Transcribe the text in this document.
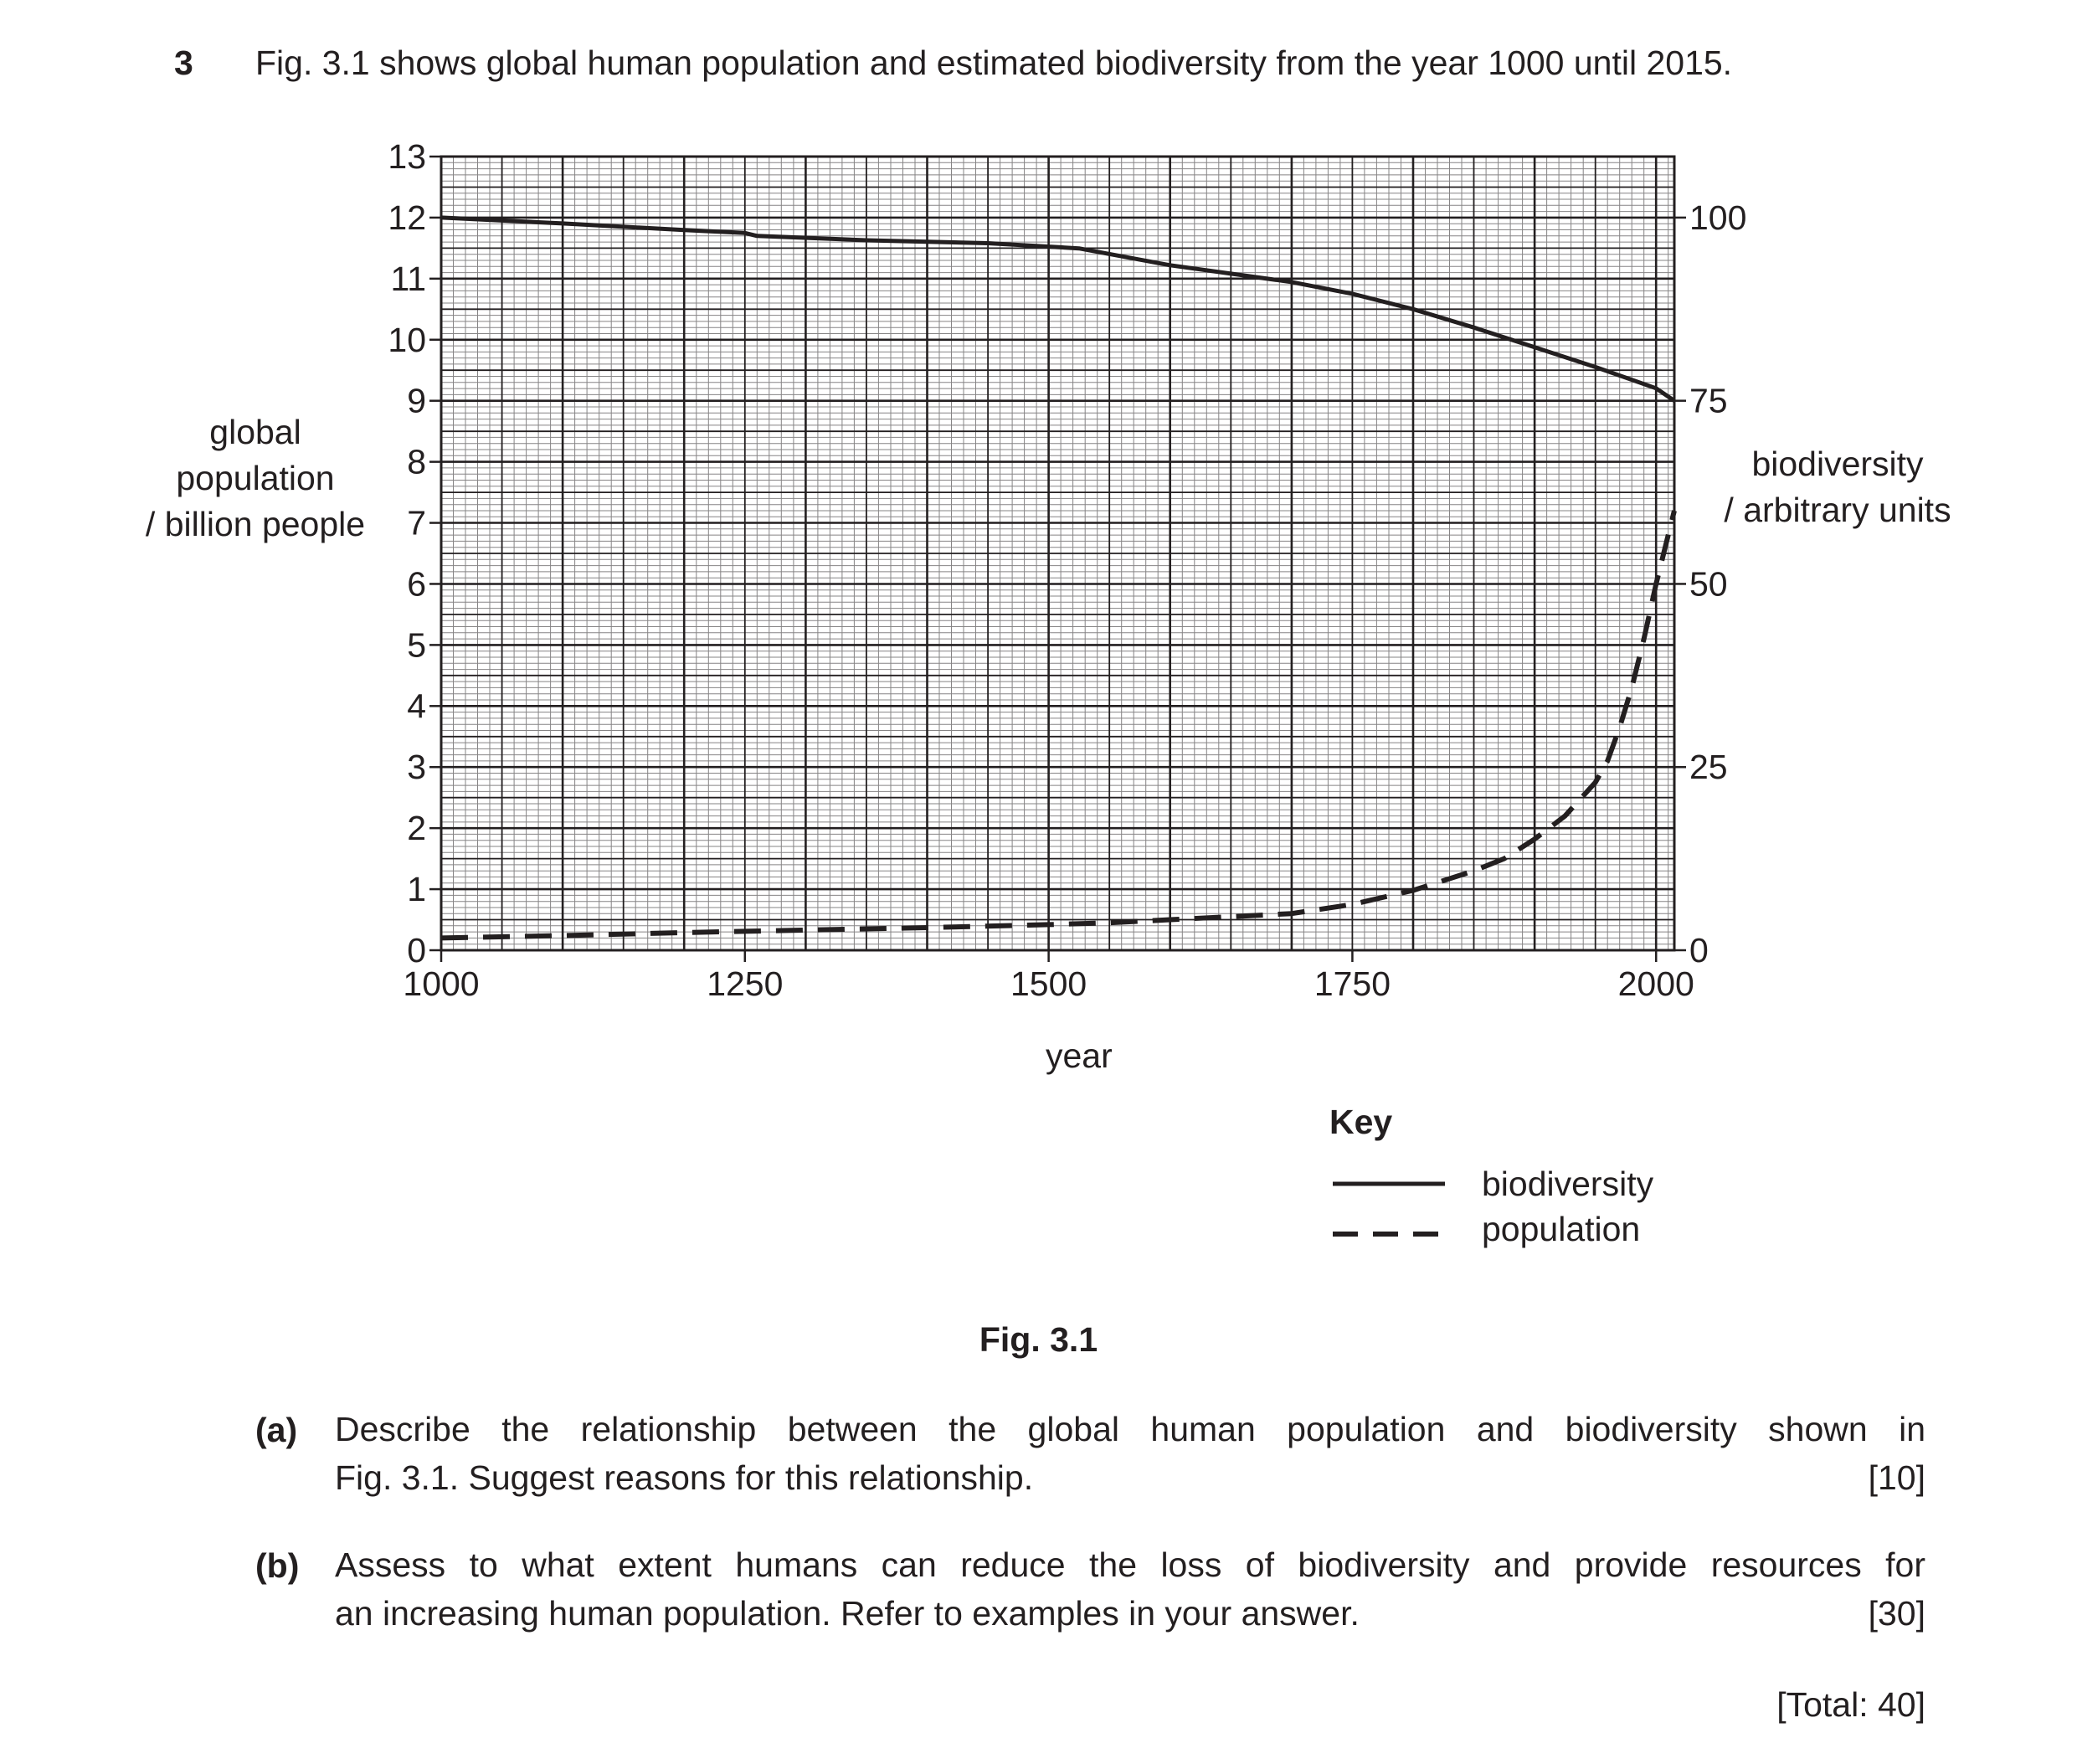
3 Fig. 3.1 shows global human population and estimated biodiversity from the year 1000 until 2015.
0
1
2
3
4
5
6
7
8
9
10
11
12
13
0
25
50
75
100
1000	1250	1500	1750	2000
year
global
population
/ billion people
biodiversity
/ arbitrary units
Key
biodiversity
population
Fig. 3.1
(a) Describe the relationship between the global human population and biodiversity shown in
Fig. 3.1. Suggest reasons for this relationship.	[10]
(b) Assess to what extent humans can reduce the loss of biodiversity and provide resources for
an increasing human population. Refer to examples in your answer.	[30]
[Total: 40]
